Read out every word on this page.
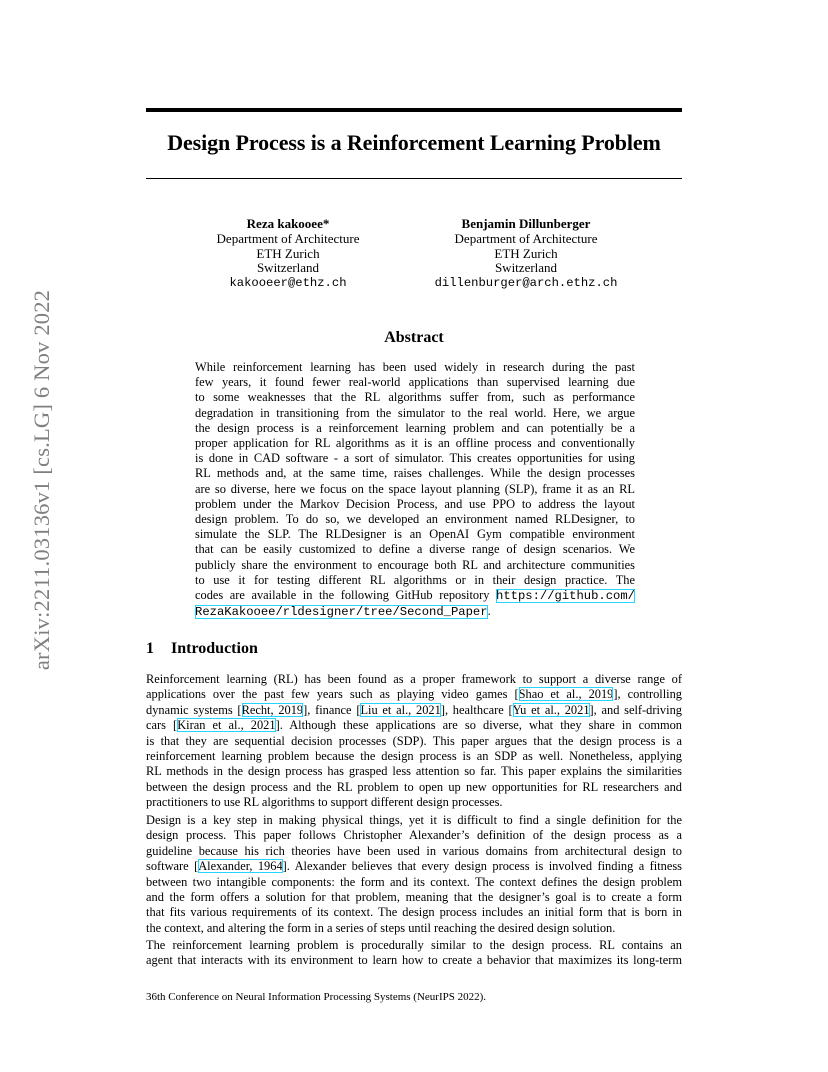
Design Process is a Reinforcement Learning Problem
arXiv:2211.03136v1 [cs.LG] 6 Nov 2022
Reza kakooee*
Department of Architecture
ETH Zurich
Switzerland
kakooeer@ethz.ch
Benjamin Dillunberger
Department of Architecture
ETH Zurich
Switzerland
dillenburger@arch.ethz.ch
Abstract
While reinforcement learning has been used widely in research during the past
few years, it found fewer real-world applications than supervised learning due
to some weaknesses that the RL algorithms suffer from, such as performance
degradation in transitioning from the simulator to the real world. Here, we argue
the design process is a reinforcement learning problem and can potentially be a
proper application for RL algorithms as it is an offline process and conventionally
is done in CAD software - a sort of simulator. This creates opportunities for using
RL methods and, at the same time, raises challenges. While the design processes
are so diverse, here we focus on the space layout planning (SLP), frame it as an RL
problem under the Markov Decision Process, and use PPO to address the layout
design problem. To do so, we developed an environment named RLDesigner, to
simulate the SLP. The RLDesigner is an OpenAI Gym compatible environment
that can be easily customized to define a diverse range of design scenarios. We
publicly share the environment to encourage both RL and architecture communities
to use it for testing different RL algorithms or in their design practice. The
codes are available in the following GitHub repository https://github.com/
RezaKakooee/rldesigner/tree/Second_Paper.
1 Introduction
Reinforcement learning (RL) has been found as a proper framework to support a diverse range of
applications over the past few years such as playing video games [Shao et al., 2019], controlling
dynamic systems [Recht, 2019], finance [Liu et al., 2021], healthcare [Yu et al., 2021], and self-driving
cars [Kiran et al., 2021]. Although these applications are so diverse, what they share in common
is that they are sequential decision processes (SDP). This paper argues that the design process is a
reinforcement learning problem because the design process is an SDP as well. Nonetheless, applying
RL methods in the design process has grasped less attention so far. This paper explains the similarities
between the design process and the RL problem to open up new opportunities for RL researchers and
practitioners to use RL algorithms to support different design processes.
Design is a key step in making physical things, yet it is difficult to find a single definition for the
design process. This paper follows Christopher Alexander’s definition of the design process as a
guideline because his rich theories have been used in various domains from architectural design to
software [Alexander, 1964]. Alexander believes that every design process is involved finding a fitness
between two intangible components: the form and its context. The context defines the design problem
and the form offers a solution for that problem, meaning that the designer’s goal is to create a form
that fits various requirements of its context. The design process includes an initial form that is born in
the context, and altering the form in a series of steps until reaching the desired design solution.
The reinforcement learning problem is procedurally similar to the design process. RL contains an
agent that interacts with its environment to learn how to create a behavior that maximizes its long-term
36th Conference on Neural Information Processing Systems (NeurIPS 2022).
